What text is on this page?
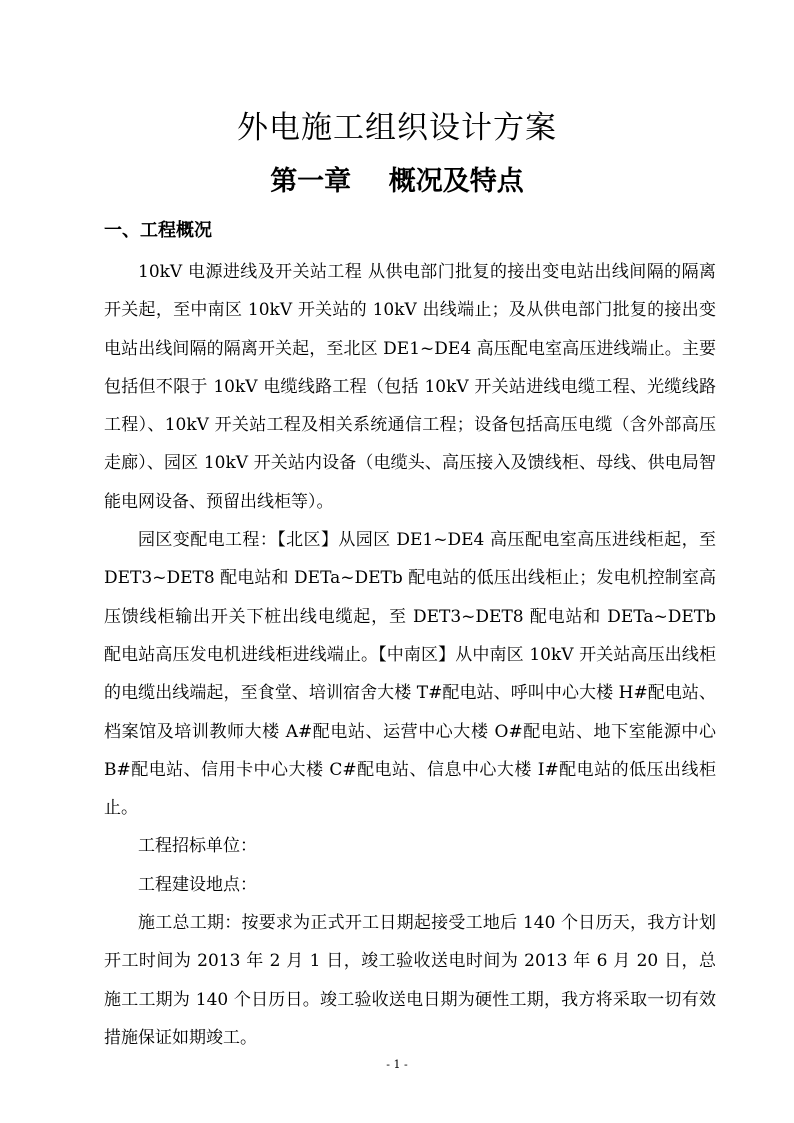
外电施工组织设计方案
第一章    概况及特点
一、工程概况

10kV 电源进线及开关站工程 从供电部门批复的接出变电站出线间隔的隔离开关起，至中南区 10kV 开关站的 10kV 出线端止；及从供电部门批复的接出变电站出线间隔的隔离开关起，至北区 DE1~DE4 高压配电室高压进线端止。主要包括但不限于 10kV 电缆线路工程（包括 10kV 开关站进线电缆工程、光缆线路工程）、10kV 开关站工程及相关系统通信工程；设备包括高压电缆（含外部高压走廊）、园区 10kV 开关站内设备（电缆头、高压接入及馈线柜、母线、供电局智能电网设备、预留出线柜等）。

园区变配电工程：【北区】从园区 DE1~DE4 高压配电室高压进线柜起，至 DET3~DET8 配电站和 DETa~DETb 配电站的低压出线柜止；发电机控制室高压馈线柜输出开关下桩出线电缆起，至 DET3~DET8 配电站和 DETa~DETb 配电站高压发电机进线柜进线端止。【中南区】从中南区 10kV 开关站高压出线柜的电缆出线端起，至食堂、培训宿舍大楼 T#配电站、呼叫中心大楼 H#配电站、档案馆及培训教师大楼 A#配电站、运营中心大楼 O#配电站、地下室能源中心 B#配电站、信用卡中心大楼 C#配电站、信息中心大楼 I#配电站的低压出线柜止。

工程招标单位：

工程建设地点：

施工总工期：按要求为正式开工日期起接受工地后 140 个日历天，我方计划开工时间为 2013 年 2 月 1 日，竣工验收送电时间为 2013 年 6 月 20 日，总施工工期为 140 个日历日。竣工验收送电日期为硬性工期，我方将采取一切有效措施保证如期竣工。

- 1 -
